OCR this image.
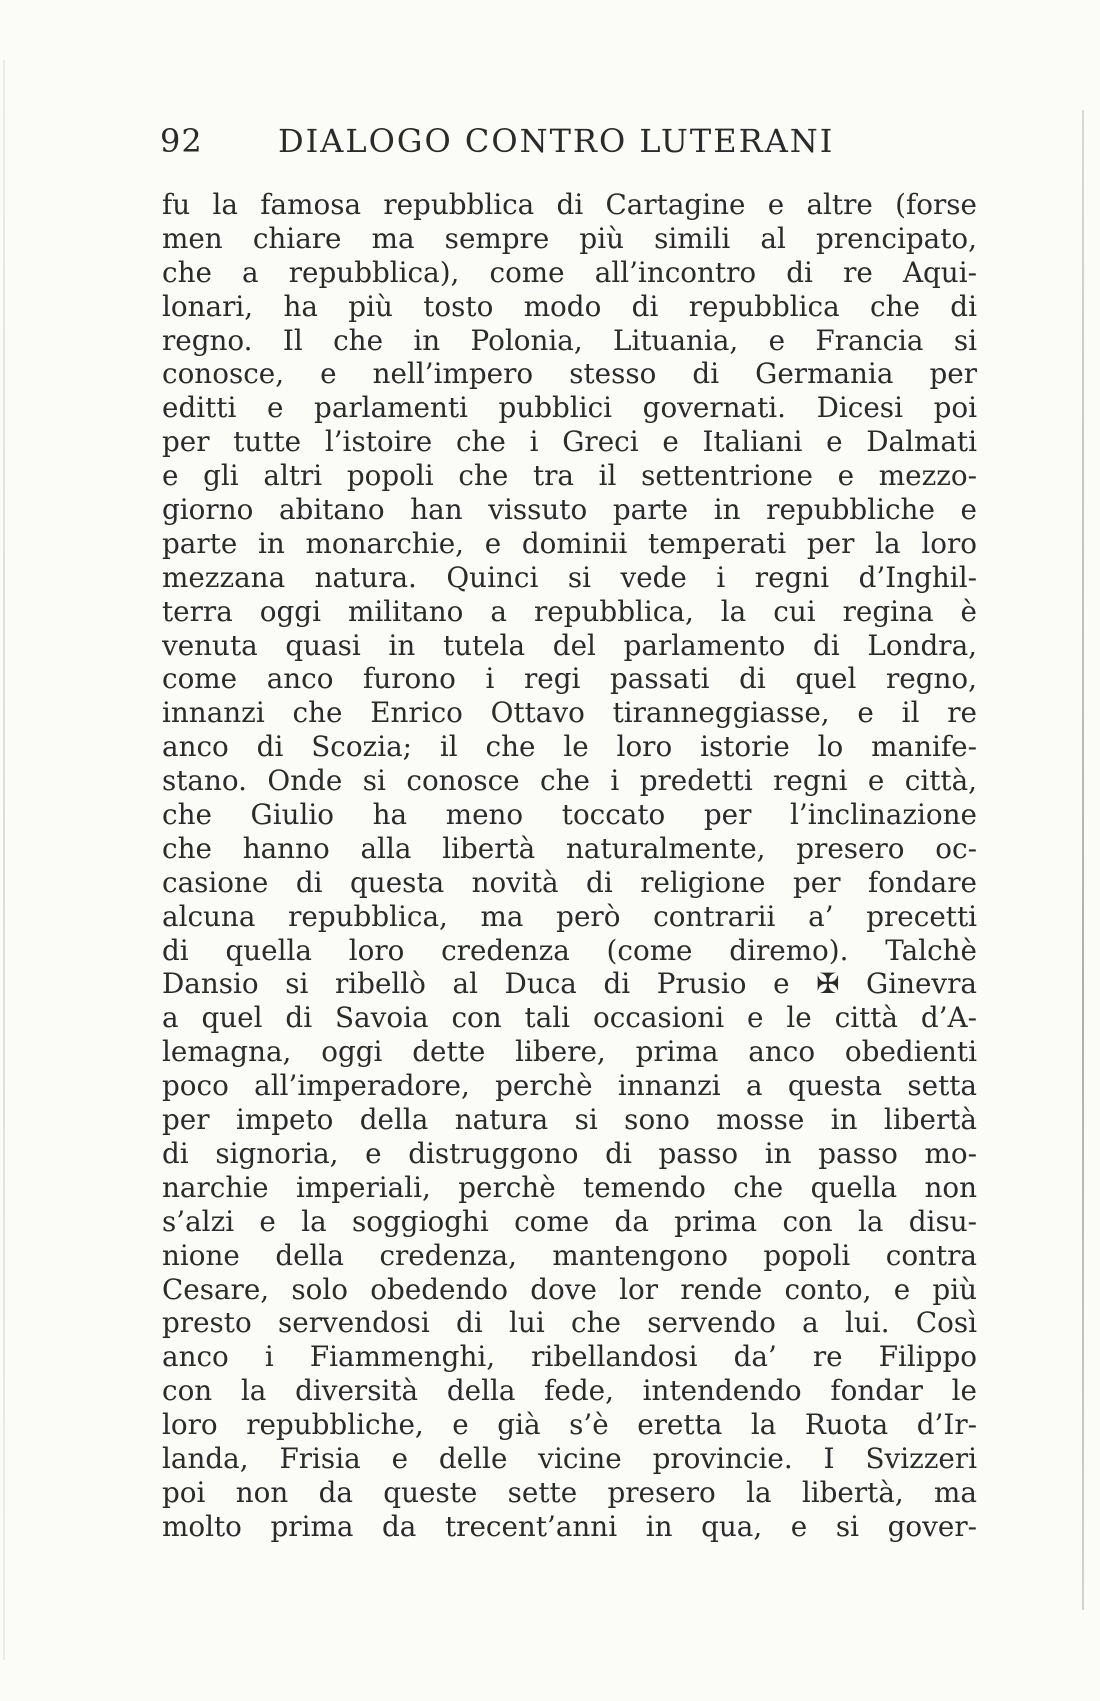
92 DIALOGO CONTRO LUTERANI
fu la famosa repubblica di Cartagine e altre (forse
men chiare ma sempre più simili al prencipato,
che a repubblica), come all’incontro di re Aqui-
lonari, ha più tosto modo di repubblica che di
regno. Il che in Polonia, Lituania, e Francia si
conosce, e nell’impero stesso di Germania per
editti e parlamenti pubblici governati. Dicesi poi
per tutte l’istoire che i Greci e Italiani e Dalmati
e gli altri popoli che tra il settentrione e mezzo-
giorno abitano han vissuto parte in repubbliche e
parte in monarchie, e dominii temperati per la loro
mezzana natura. Quinci si vede i regni d’Inghil-
terra oggi militano a repubblica, la cui regina è
venuta quasi in tutela del parlamento di Londra,
come anco furono i regi passati di quel regno,
innanzi che Enrico Ottavo tiranneggiasse, e il re
anco di Scozia; il che le loro istorie lo manife-
stano. Onde si conosce che i predetti regni e città,
che Giulio ha meno toccato per l’inclinazione
che hanno alla libertà naturalmente, presero oc-
casione di questa novità di religione per fondare
alcuna repubblica, ma però contrarii a’ precetti
di quella loro credenza (come diremo). Talchè
Dansio si ribellò al Duca di Prusio e ✠ Ginevra
a quel di Savoia con tali occasioni e le città d’A-
lemagna, oggi dette libere, prima anco obedienti
poco all’imperadore, perchè innanzi a questa setta
per impeto della natura si sono mosse in libertà
di signoria, e distruggono di passo in passo mo-
narchie imperiali, perchè temendo che quella non
s’alzi e la soggioghi come da prima con la disu-
nione della credenza, mantengono popoli contra
Cesare, solo obedendo dove lor rende conto, e più
presto servendosi di lui che servendo a lui. Così
anco i Fiammenghi, ribellandosi da’ re Filippo
con la diversità della fede, intendendo fondar le
loro repubbliche, e già s’è eretta la Ruota d’Ir-
landa, Frisia e delle vicine provincie. I Svizzeri
poi non da queste sette presero la libertà, ma
molto prima da trecent’anni in qua, e si gover-
